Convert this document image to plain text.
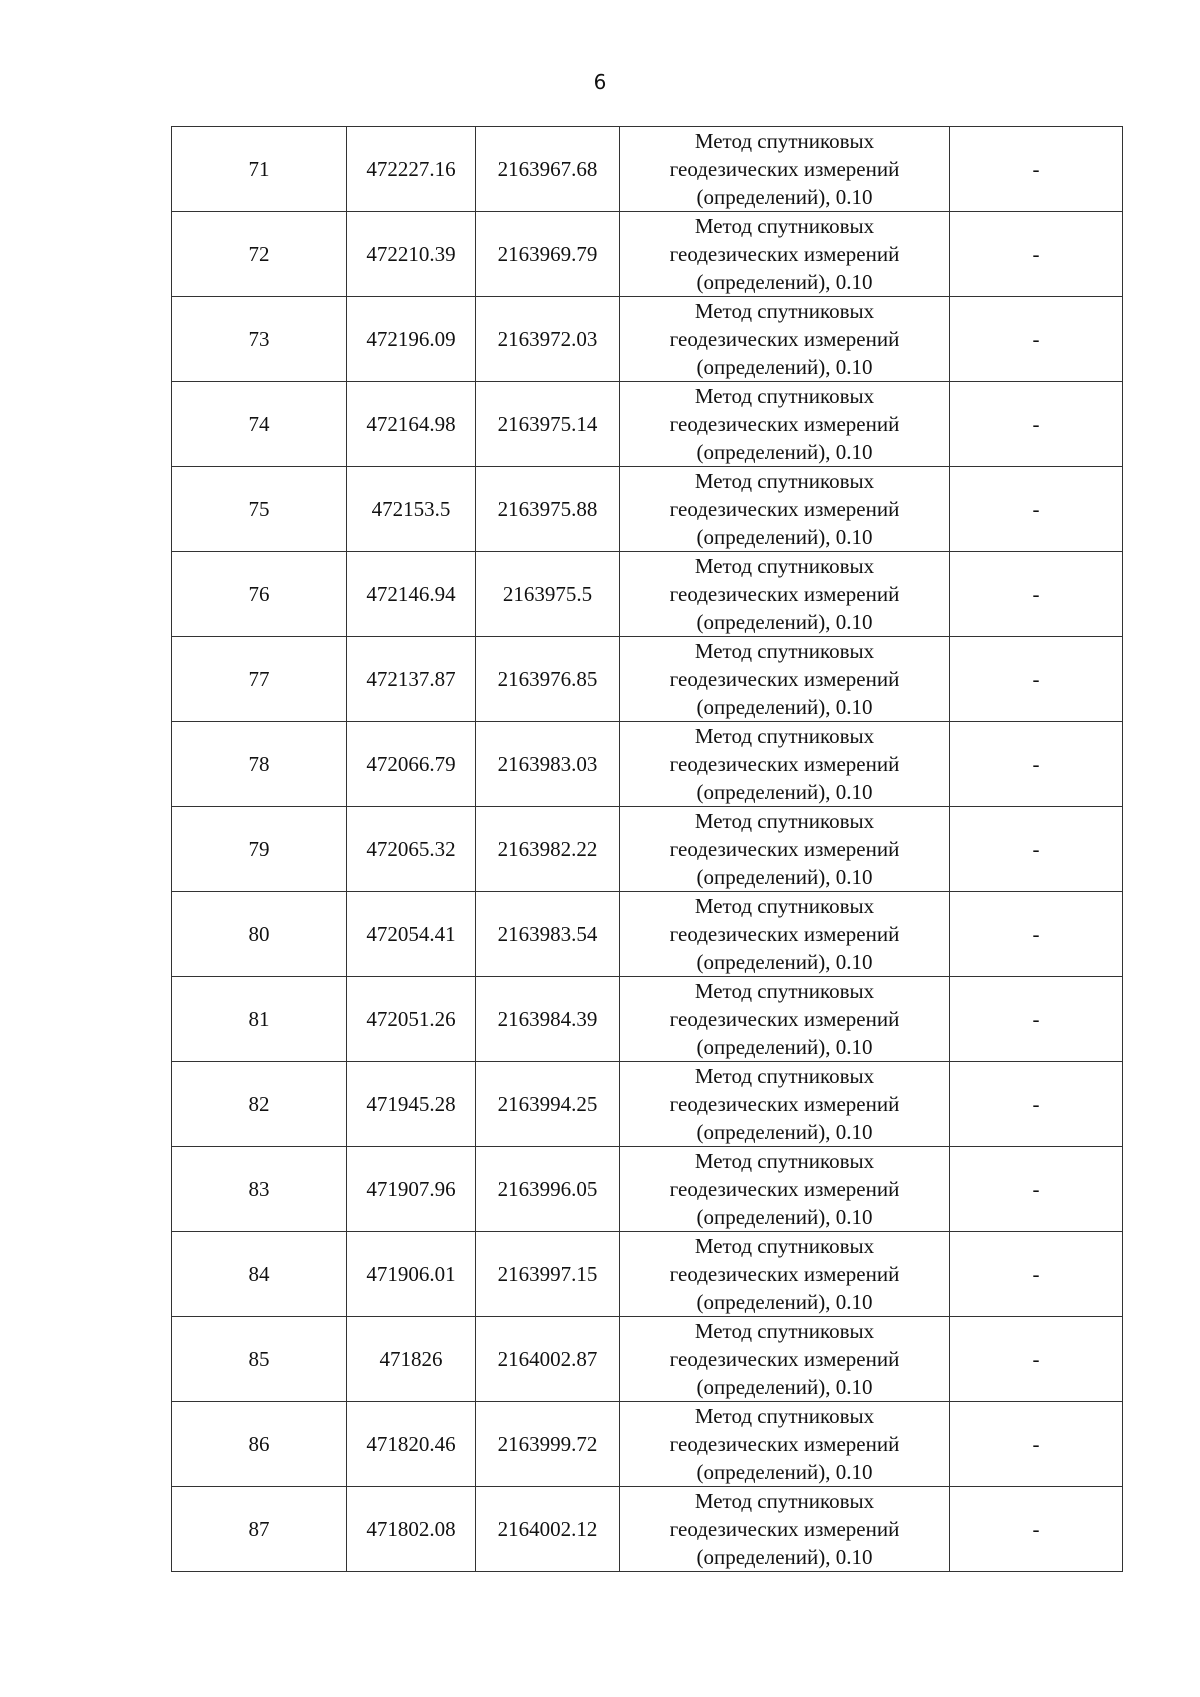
6
71	472227.16	2163967.68	Метод спутниковых
геодезических измерений
(определений), 0.10	-
72	472210.39	2163969.79	Метод спутниковых
геодезических измерений
(определений), 0.10	-
73	472196.09	2163972.03	Метод спутниковых
геодезических измерений
(определений), 0.10	-
74	472164.98	2163975.14	Метод спутниковых
геодезических измерений
(определений), 0.10	-
75	472153.5	2163975.88	Метод спутниковых
геодезических измерений
(определений), 0.10	-
76	472146.94	2163975.5	Метод спутниковых
геодезических измерений
(определений), 0.10	-
77	472137.87	2163976.85	Метод спутниковых
геодезических измерений
(определений), 0.10	-
78	472066.79	2163983.03	Метод спутниковых
геодезических измерений
(определений), 0.10	-
79	472065.32	2163982.22	Метод спутниковых
геодезических измерений
(определений), 0.10	-
80	472054.41	2163983.54	Метод спутниковых
геодезических измерений
(определений), 0.10	-
81	472051.26	2163984.39	Метод спутниковых
геодезических измерений
(определений), 0.10	-
82	471945.28	2163994.25	Метод спутниковых
геодезических измерений
(определений), 0.10	-
83	471907.96	2163996.05	Метод спутниковых
геодезических измерений
(определений), 0.10	-
84	471906.01	2163997.15	Метод спутниковых
геодезических измерений
(определений), 0.10	-
85	471826	2164002.87	Метод спутниковых
геодезических измерений
(определений), 0.10	-
86	471820.46	2163999.72	Метод спутниковых
геодезических измерений
(определений), 0.10	-
87	471802.08	2164002.12	Метод спутниковых
геодезических измерений
(определений), 0.10	-
